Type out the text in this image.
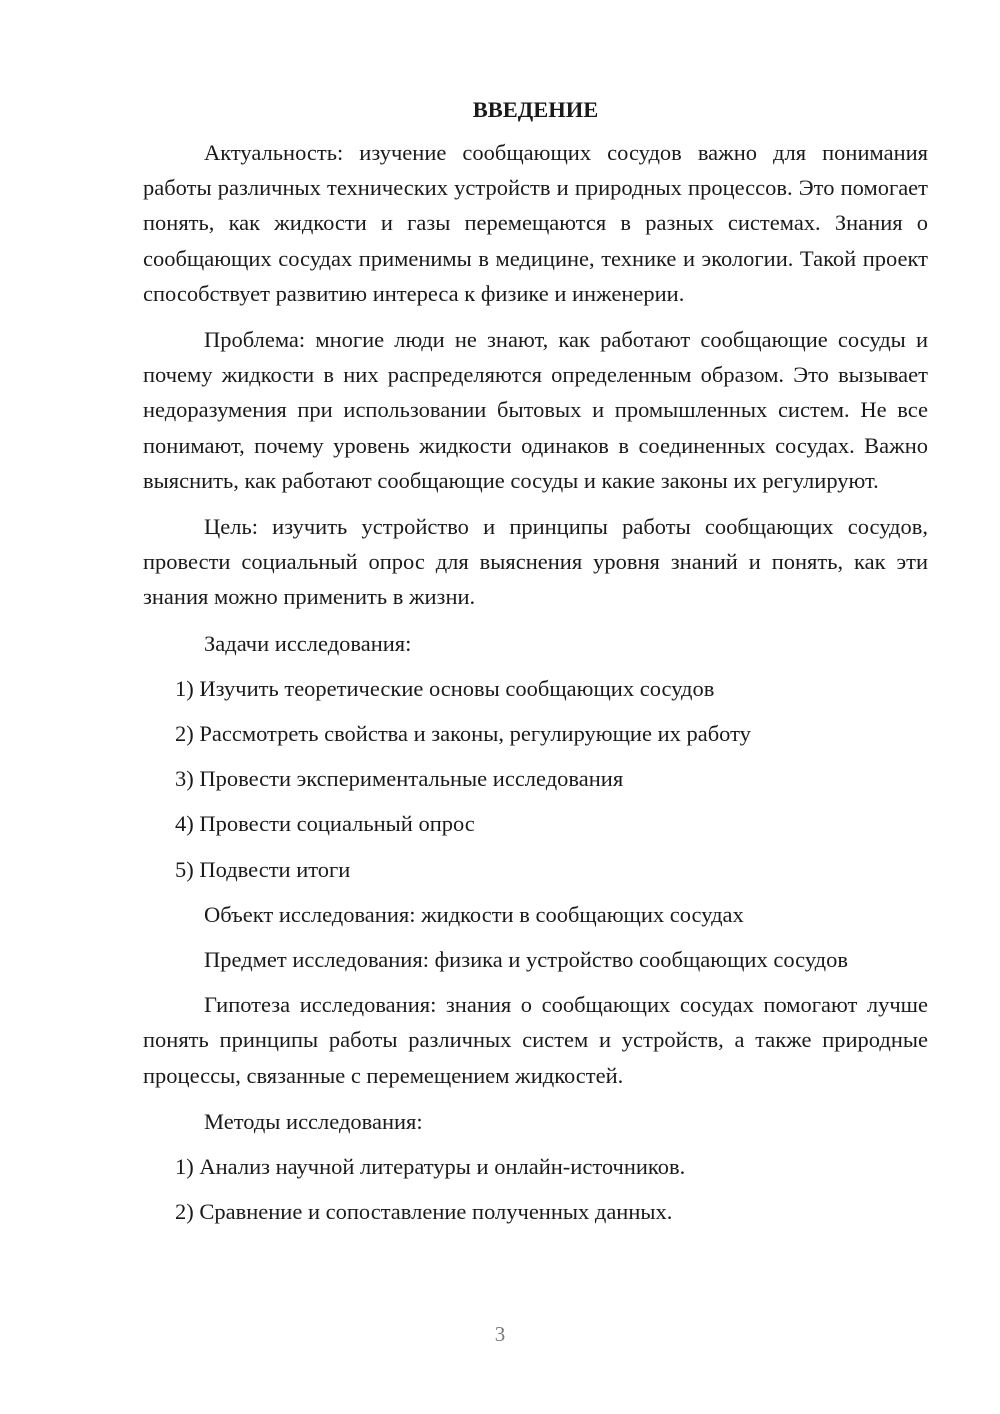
ВВЕДЕНИЕ

Актуальность: изучение сообщающих сосудов важно для понимания работы различных технических устройств и природных процессов. Это помогает понять, как жидкости и газы перемещаются в разных системах. Знания о сообщающих сосудах применимы в медицине, технике и экологии. Такой проект способствует развитию интереса к физике и инженерии.

Проблема: многие люди не знают, как работают сообщающие сосуды и почему жидкости в них распределяются определенным образом. Это вызывает недоразумения при использовании бытовых и промышленных систем. Не все понимают, почему уровень жидкости одинаков в соединенных сосудах. Важно выяснить, как работают сообщающие сосуды и какие законы их регулируют.

Цель: изучить устройство и принципы работы сообщающих сосудов, провести социальный опрос для выяснения уровня знаний и понять, как эти знания можно применить в жизни.

Задачи исследования:
1) Изучить теоретические основы сообщающих сосудов
2) Рассмотреть свойства и законы, регулирующие их работу
3) Провести экспериментальные исследования
4) Провести социальный опрос
5) Подвести итоги
Объект исследования: жидкости в сообщающих сосудах
Предмет исследования: физика и устройство сообщающих сосудов

Гипотеза исследования: знания о сообщающих сосудах помогают лучше понять принципы работы различных систем и устройств, а также природные процессы, связанные с перемещением жидкостей.

Методы исследования:
1) Анализ научной литературы и онлайн-источников.
2) Сравнение и сопоставление полученных данных.
3
